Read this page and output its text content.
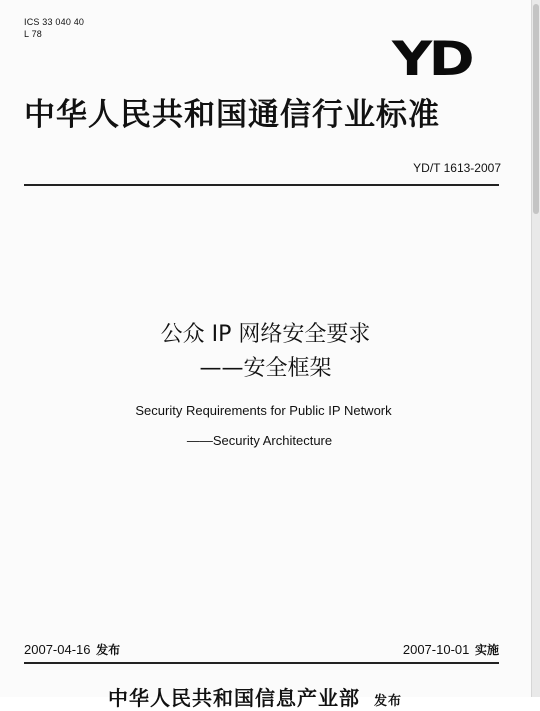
ICS 33 040 40
L 78	YD
中华人民共和国通信行业标准
YD/T 1613-2007
公众 IP 网络安全要求
——安全框架
Security Requirements for Public IP Network
——Security Architecture
2007-04-16 发布	2007-10-01 实施
中华人民共和国信息产业部 发布
